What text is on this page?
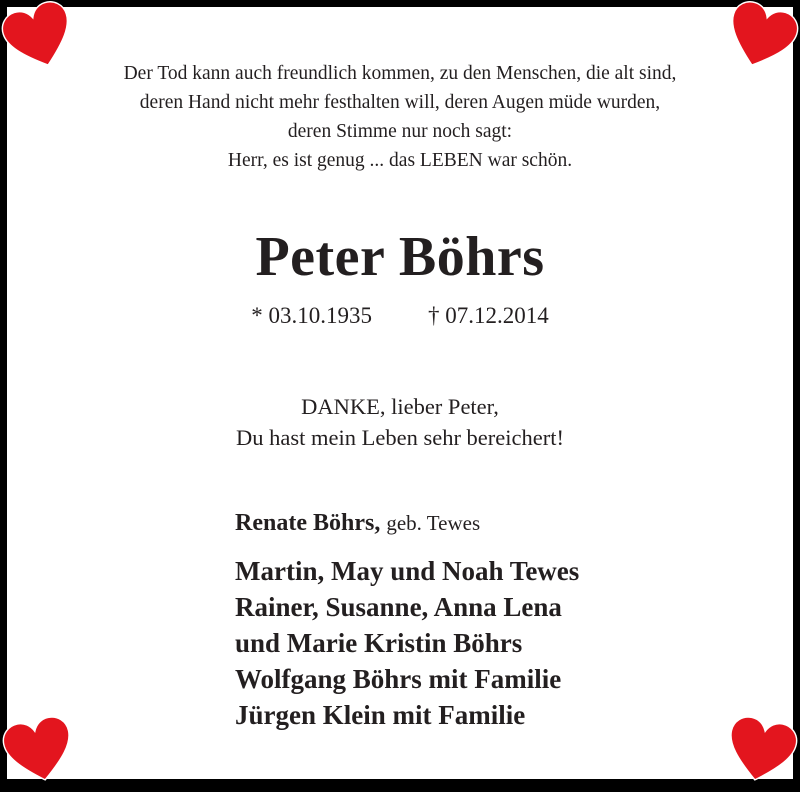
Der Tod kann auch freundlich kommen, zu den Menschen, die alt sind,
deren Hand nicht mehr festhalten will, deren Augen müde wurden,
deren Stimme nur noch sagt:
Herr, es ist genug ... das LEBEN war schön.
Peter Böhrs
* 03.10.1935 † 07.12.2014
DANKE, lieber Peter,
Du hast mein Leben sehr bereichert!
Renate Böhrs, geb. Tewes
Martin, May und Noah Tewes
Rainer, Susanne, Anna Lena
und Marie Kristin Böhrs
Wolfgang Böhrs mit Familie
Jürgen Klein mit Familie
